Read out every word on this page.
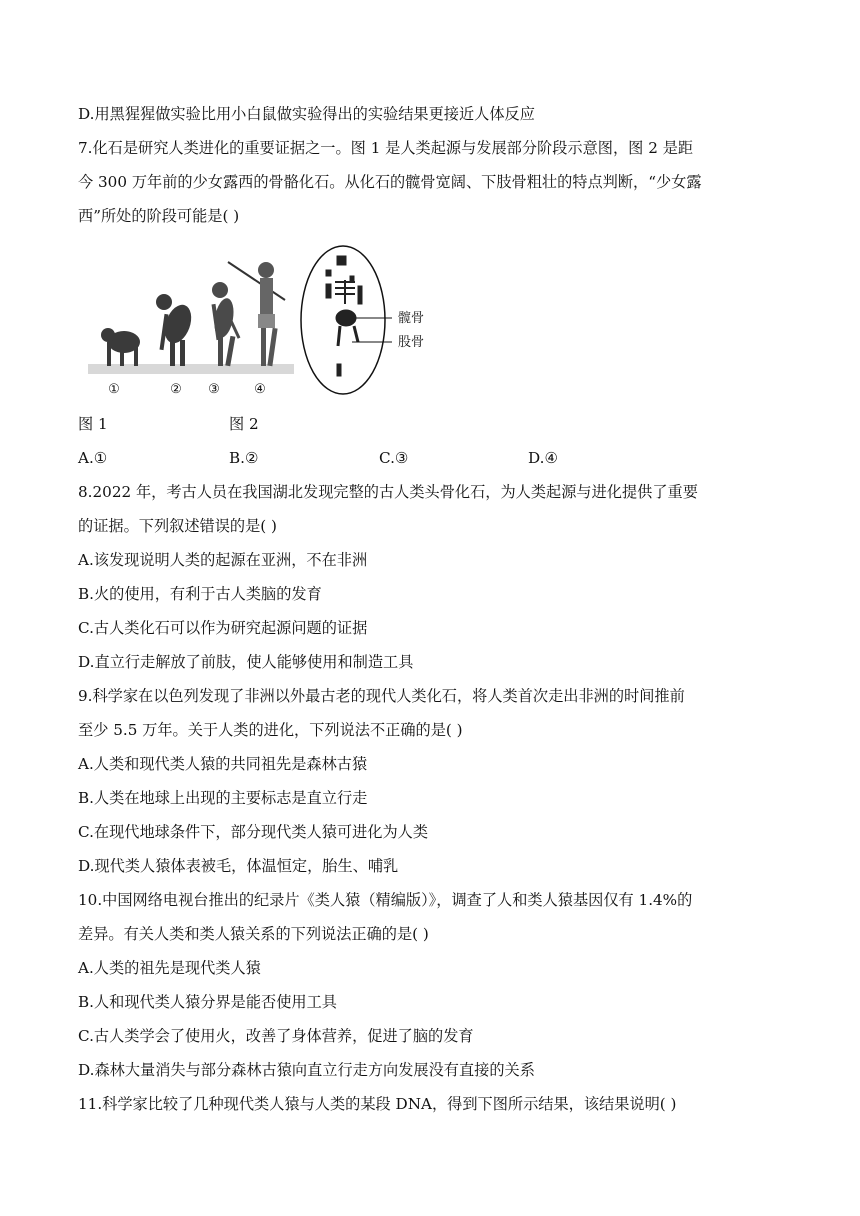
D.用黑猩猩做实验比用小白鼠做实验得出的实验结果更接近人体反应
7.化石是研究人类进化的重要证据之一。图 1 是人类起源与发展部分阶段示意图，图 2 是距
今 300 万年前的少女露西的骨骼化石。从化石的髋骨宽阔、下肢骨粗壮的特点判断，“少女露
西”所处的阶段可能是( )
①	② ③	④
髋骨
股骨
图 1	图 2
A.①	B.②	C.③	D.④
8.2022 年，考古人员在我国湖北发现完整的古人类头骨化石，为人类起源与进化提供了重要
的证据。下列叙述错误的是( )
A.该发现说明人类的起源在亚洲，不在非洲
B.火的使用，有利于古人类脑的发育
C.古人类化石可以作为研究起源问题的证据
D.直立行走解放了前肢，使人能够使用和制造工具
9.科学家在以色列发现了非洲以外最古老的现代人类化石，将人类首次走出非洲的时间推前
至少 5.5 万年。关于人类的进化，下列说法不正确的是( )
A.人类和现代类人猿的共同祖先是森林古猿
B.人类在地球上出现的主要标志是直立行走
C.在现代地球条件下，部分现代类人猿可进化为人类
D.现代类人猿体表被毛，体温恒定，胎生、哺乳
10.中国网络电视台推出的纪录片《类人猿（精编版）》，调查了人和类人猿基因仅有 1.4%的
差异。有关人类和类人猿关系的下列说法正确的是( )
A.人类的祖先是现代类人猿
B.人和现代类人猿分界是能否使用工具
C.古人类学会了使用火，改善了身体营养，促进了脑的发育
D.森林大量消失与部分森林古猿向直立行走方向发展没有直接的关系
11.科学家比较了几种现代类人猿与人类的某段 DNA，得到下图所示结果，该结果说明( )
